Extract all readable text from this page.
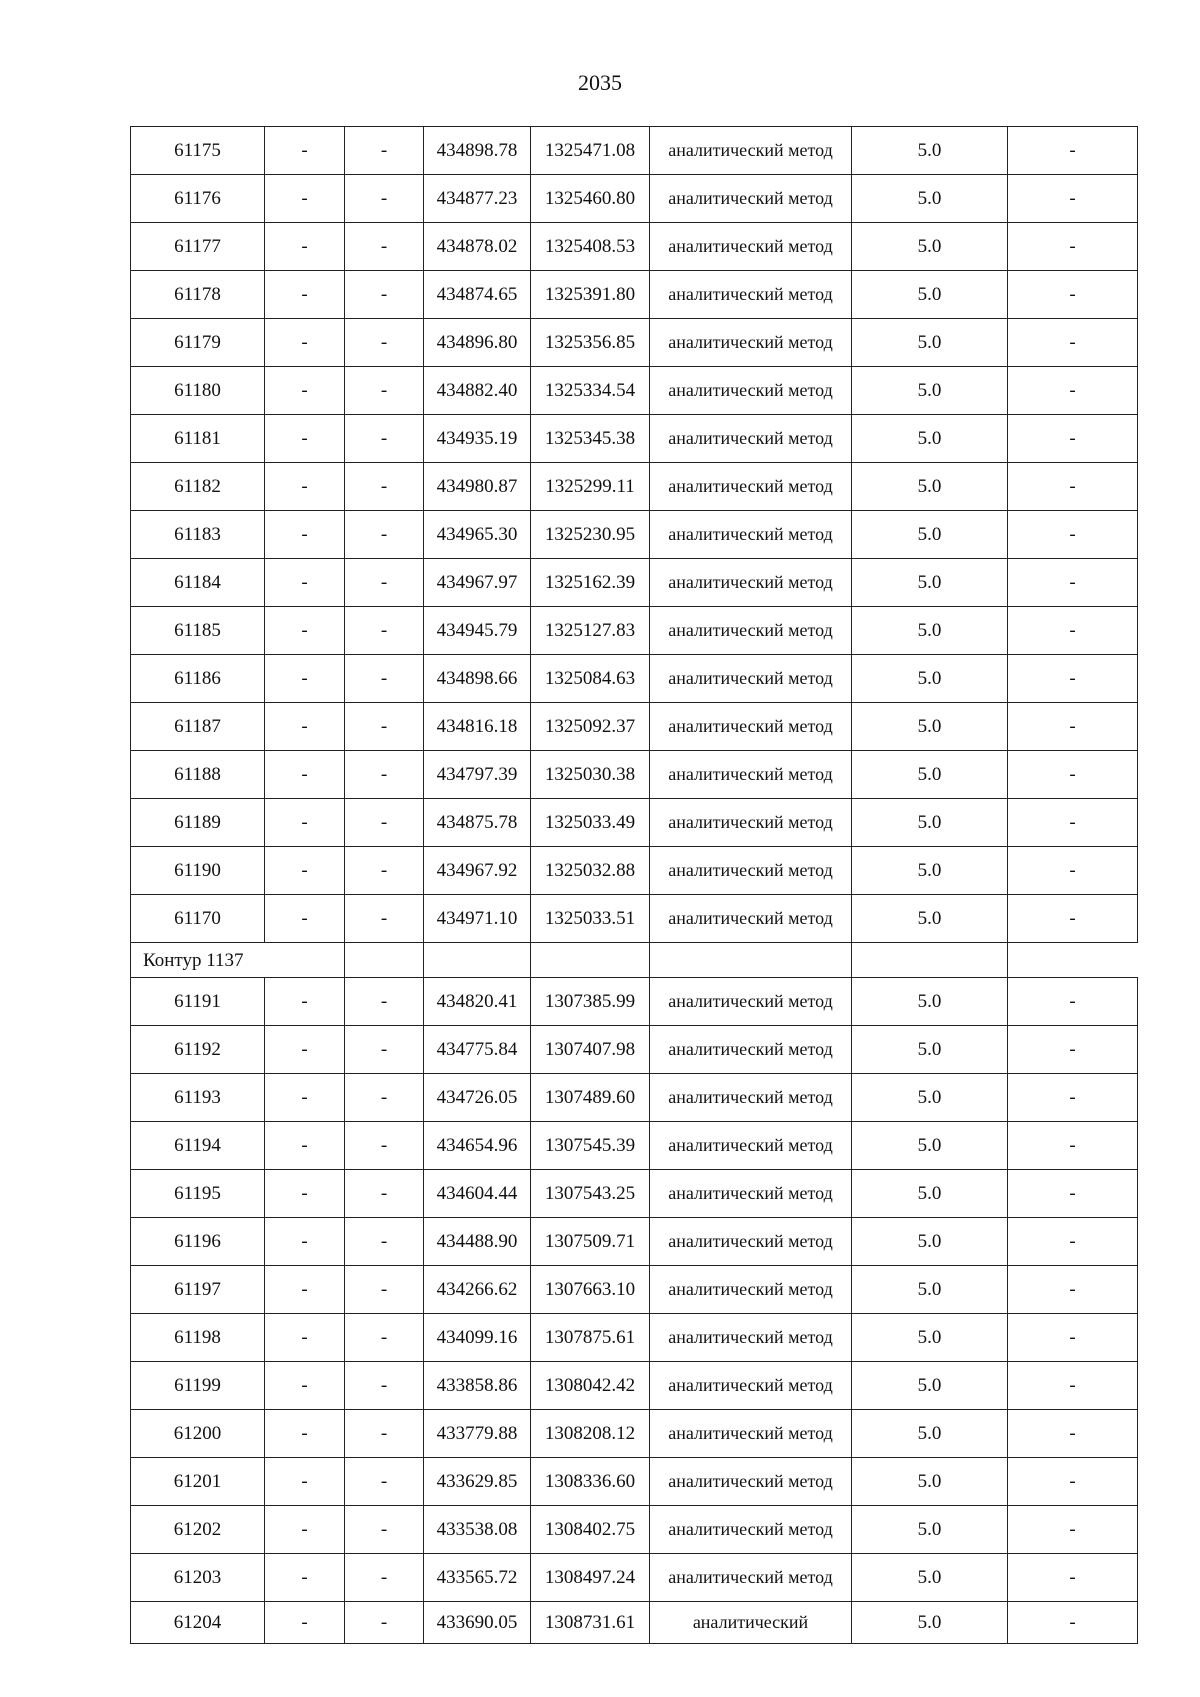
2035
61175	-	-	434898.78	1325471.08	аналитический метод	5.0	-
61176	-	-	434877.23	1325460.80	аналитический метод	5.0	-
61177	-	-	434878.02	1325408.53	аналитический метод	5.0	-
61178	-	-	434874.65	1325391.80	аналитический метод	5.0	-
61179	-	-	434896.80	1325356.85	аналитический метод	5.0	-
61180	-	-	434882.40	1325334.54	аналитический метод	5.0	-
61181	-	-	434935.19	1325345.38	аналитический метод	5.0	-
61182	-	-	434980.87	1325299.11	аналитический метод	5.0	-
61183	-	-	434965.30	1325230.95	аналитический метод	5.0	-
61184	-	-	434967.97	1325162.39	аналитический метод	5.0	-
61185	-	-	434945.79	1325127.83	аналитический метод	5.0	-
61186	-	-	434898.66	1325084.63	аналитический метод	5.0	-
61187	-	-	434816.18	1325092.37	аналитический метод	5.0	-
61188	-	-	434797.39	1325030.38	аналитический метод	5.0	-
61189	-	-	434875.78	1325033.49	аналитический метод	5.0	-
61190	-	-	434967.92	1325032.88	аналитический метод	5.0	-
61170	-	-	434971.10	1325033.51	аналитический метод	5.0	-
Контур 1137							
61191	-	-	434820.41	1307385.99	аналитический метод	5.0	-
61192	-	-	434775.84	1307407.98	аналитический метод	5.0	-
61193	-	-	434726.05	1307489.60	аналитический метод	5.0	-
61194	-	-	434654.96	1307545.39	аналитический метод	5.0	-
61195	-	-	434604.44	1307543.25	аналитический метод	5.0	-
61196	-	-	434488.90	1307509.71	аналитический метод	5.0	-
61197	-	-	434266.62	1307663.10	аналитический метод	5.0	-
61198	-	-	434099.16	1307875.61	аналитический метод	5.0	-
61199	-	-	433858.86	1308042.42	аналитический метод	5.0	-
61200	-	-	433779.88	1308208.12	аналитический метод	5.0	-
61201	-	-	433629.85	1308336.60	аналитический метод	5.0	-
61202	-	-	433538.08	1308402.75	аналитический метод	5.0	-
61203	-	-	433565.72	1308497.24	аналитический метод	5.0	-
61204	-	-	433690.05	1308731.61	аналитический	5.0	-
